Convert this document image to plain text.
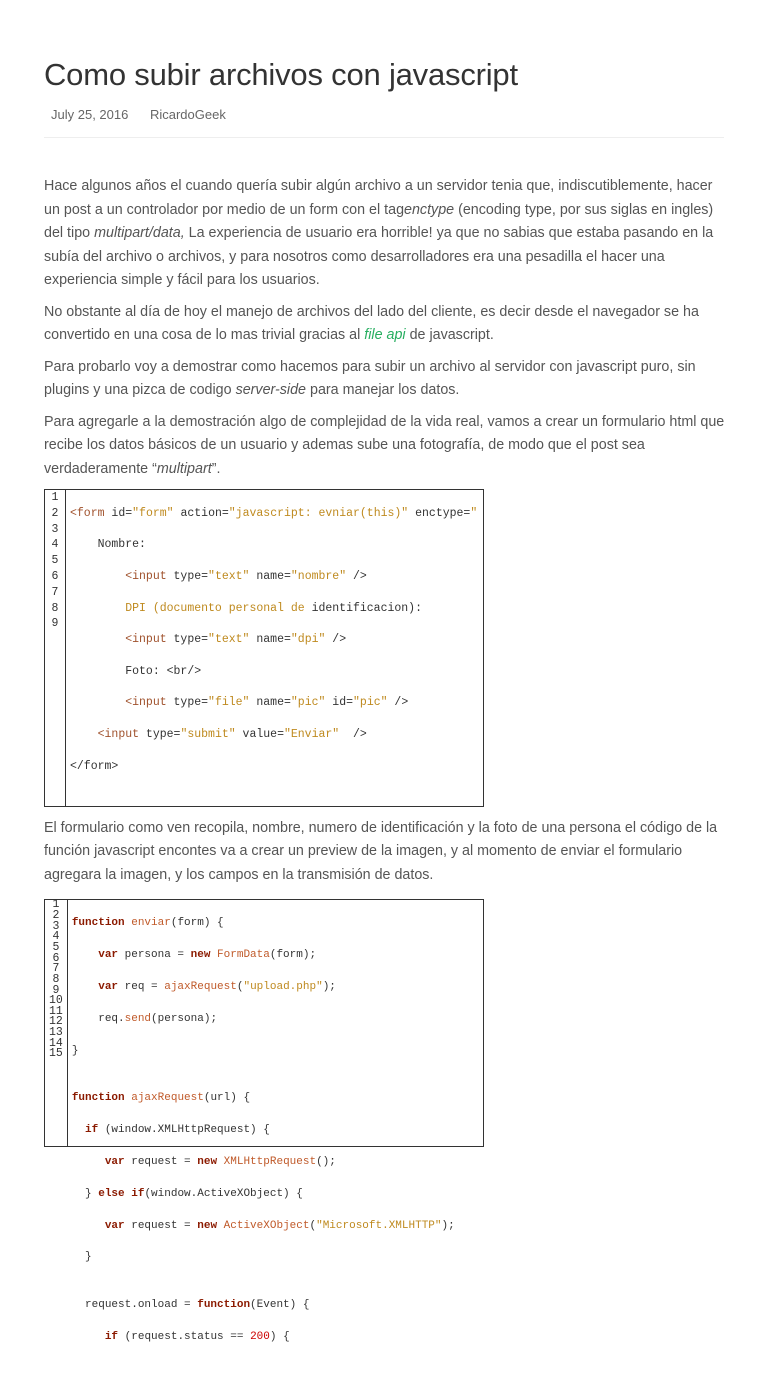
Como subir archivos con javascript
July 25, 2016 RicardoGeek

Hace algunos años el cuando quería subir algún archivo a un servidor tenia que, indiscutiblemente, hacer un post a un controlador por medio de un form con el tagenctype (encoding type, por sus siglas en ingles) del tipo multipart/data, La experiencia de usuario era horrible! ya que no sabias que estaba pasando en la subía del archivo o archivos, y para nosotros como desarrolladores era una pesadilla el hacer una experiencia simple y fácil para los usuarios.

No obstante al día de hoy el manejo de archivos del lado del cliente, es decir desde el navegador se ha convertido en una cosa de lo mas trivial gracias al file api de javascript.

Para probarlo voy a demostrar como hacemos para subir un archivo al servidor con javascript puro, sin plugins y una pizca de codigo server-side para manejar los datos.

Para agregarle a la demostración algo de complejidad de la vida real, vamos a crear un formulario html que recibe los datos básicos de un usuario y ademas sube una fotografía, de modo que el post sea verdaderamente “multipart”.

1
2
3
4
5
6
7
8
9

<form id="form" action="javascript: evniar(this)" enctype="

Nombre:

<input type="text" name="nombre" />

DPI (documento personal de identificacion):

<input type="text" name="dpi" />

Foto: <br/>

<input type="file" name="pic" id="pic" />

<input type="submit" value="Enviar"  />

</form>

El formulario como ven recopila, nombre, numero de identificación y la foto de una persona el código de la función javascript encontes va a crear un preview de la imagen, y al momento de enviar el formulario agregara la imagen, y los campos en la transmisión de datos.

1
2
3
4
5
6
7
8
9
10
11
12
13
14
15

function enviar(form) {

var persona = new FormData(form);

var req = ajaxRequest("upload.php");

req.send(persona);

}

function ajaxRequest(url) {

if (window.XMLHttpRequest) {

var request = new XMLHttpRequest();

} else if(window.ActiveXObject) {

var request = new ActiveXObject("Microsoft.XMLHTTP");

}

request.onload = function(Event) {

if (request.status == 200) {
